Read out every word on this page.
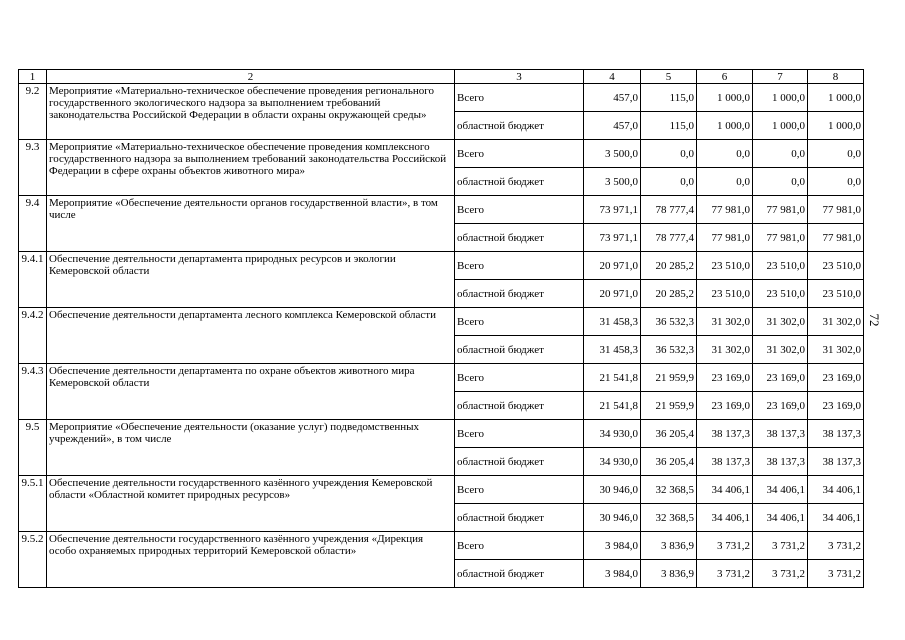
1	2	3	4	5	6	7	8
9.2	Мероприятие «Материально-техническое обеспечение проведения регионального государственного экологического надзора за выполнением требований законодательства Российской Федерации в области охраны окружающей среды»	Всего	457,0	115,0	1 000,0	1 000,0	1 000,0
		областной бюджет	457,0	115,0	1 000,0	1 000,0	1 000,0
9.3	Мероприятие «Материально-техническое обеспечение проведения комплексного государственного надзора за выполнением требований законодательства Российской Федерации в сфере охраны объектов животного мира»	Всего	3 500,0	0,0	0,0	0,0	0,0
		областной бюджет	3 500,0	0,0	0,0	0,0	0,0
9.4	Мероприятие «Обеспечение деятельности органов государственной власти», в том числе	Всего	73 971,1	78 777,4	77 981,0	77 981,0	77 981,0
		областной бюджет	73 971,1	78 777,4	77 981,0	77 981,0	77 981,0
9.4.1	Обеспечение деятельности департамента природных ресурсов и экологии Кемеровской области	Всего	20 971,0	20 285,2	23 510,0	23 510,0	23 510,0
		областной бюджет	20 971,0	20 285,2	23 510,0	23 510,0	23 510,0
9.4.2	Обеспечение деятельности департамента лесного комплекса Кемеровской области	Всего	31 458,3	36 532,3	31 302,0	31 302,0	31 302,0
		областной бюджет	31 458,3	36 532,3	31 302,0	31 302,0	31 302,0
9.4.3	Обеспечение деятельности департамента по охране объектов животного мира Кемеровской области	Всего	21 541,8	21 959,9	23 169,0	23 169,0	23 169,0
		областной бюджет	21 541,8	21 959,9	23 169,0	23 169,0	23 169,0
9.5	Мероприятие «Обеспечение деятельности (оказание услуг) подведомственных учреждений», в том числе	Всего	34 930,0	36 205,4	38 137,3	38 137,3	38 137,3
		областной бюджет	34 930,0	36 205,4	38 137,3	38 137,3	38 137,3
9.5.1	Обеспечение деятельности государственного казённого учреждения Кемеровской области «Областной комитет природных ресурсов»	Всего	30 946,0	32 368,5	34 406,1	34 406,1	34 406,1
		областной бюджет	30 946,0	32 368,5	34 406,1	34 406,1	34 406,1
9.5.2	Обеспечение деятельности государственного казённого учреждения «Дирекция особо охраняемых природных территорий Кемеровской области»	Всего	3 984,0	3 836,9	3 731,2	3 731,2	3 731,2
		областной бюджет	3 984,0	3 836,9	3 731,2	3 731,2	3 731,2
72
